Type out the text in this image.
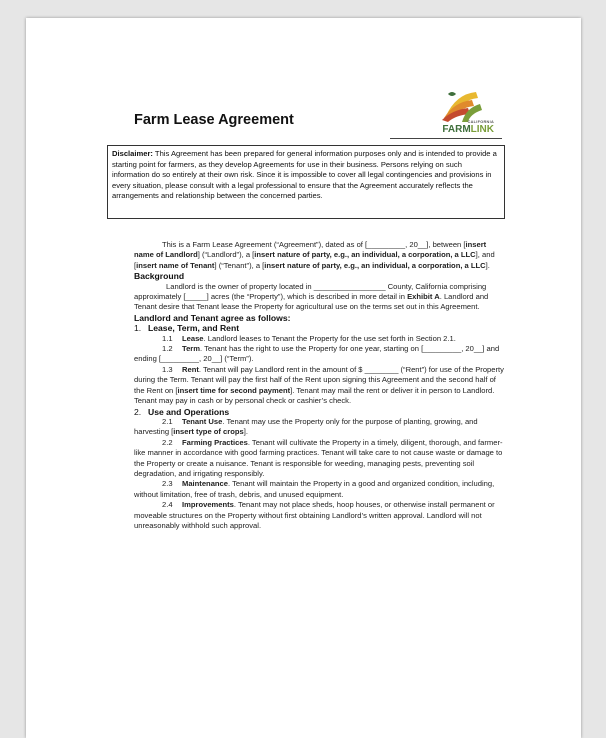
Farm Lease Agreement	CALIFORNIA
FARMLINK
Disclaimer: This Agreement has been prepared for general information purposes only and is intended to provide a starting point for farmers, as they develop Agreements for use in their business. Persons relying on such information do so entirely at their own risk. Since it is impossible to cover all legal contingencies and provisions in every situation, please consult with a legal professional to ensure that the Agreement accurately reflects the arrangements and relationship between the concerned parties.

This is a Farm Lease Agreement (“Agreement”), dated as of [_________, 20__], between [insert name of Landlord] (“Landlord”), a [insert nature of party, e.g., an individual, a corporation, a LLC], and [insert name of Tenant] (“Tenant”), a [insert nature of party, e.g., an individual, a corporation, a LLC].

Background

Landlord is the owner of property located in _________________ County, California comprising approximately [_____] acres (the “Property”), which is described in more detail in Exhibit A. Landlord and Tenant desire that Tenant lease the Property for agricultural use on the terms set out in this Agreement.

Landlord and Tenant agree as follows:

1. Lease, Term, and Rent

1.1 Lease. Landlord leases to Tenant the Property for the use set forth in Section 2.1.

1.2 Term. Tenant has the right to use the Property for one year, starting on [_________, 20__] and ending [_________, 20__] (“Term”).

1.3 Rent. Tenant will pay Landlord rent in the amount of $ ________ (“Rent”) for use of the Property during the Term. Tenant will pay the first half of the Rent upon signing this Agreement and the second half of the Rent on [insert time for second payment]. Tenant may mail the rent or deliver it in person to Landlord. Tenant may pay in cash or by personal check or cashier’s check.

2. Use and Operations

2.1 Tenant Use. Tenant may use the Property only for the purpose of planting, growing, and harvesting [insert type of crops].

2.2 Farming Practices. Tenant will cultivate the Property in a timely, diligent, thorough, and farmer-like manner in accordance with good farming practices. Tenant will take care to not cause waste or damage to the Property or create a nuisance. Tenant is responsible for weeding, managing pests, preventing soil degradation, and irrigating responsibly.

2.3 Maintenance. Tenant will maintain the Property in a good and organized condition, including, without limitation, free of trash, debris, and unused equipment.

2.4 Improvements. Tenant may not place sheds, hoop houses, or otherwise install permanent or moveable structures on the Property without first obtaining Landlord’s written approval. Landlord will not unreasonably withhold such approval.
